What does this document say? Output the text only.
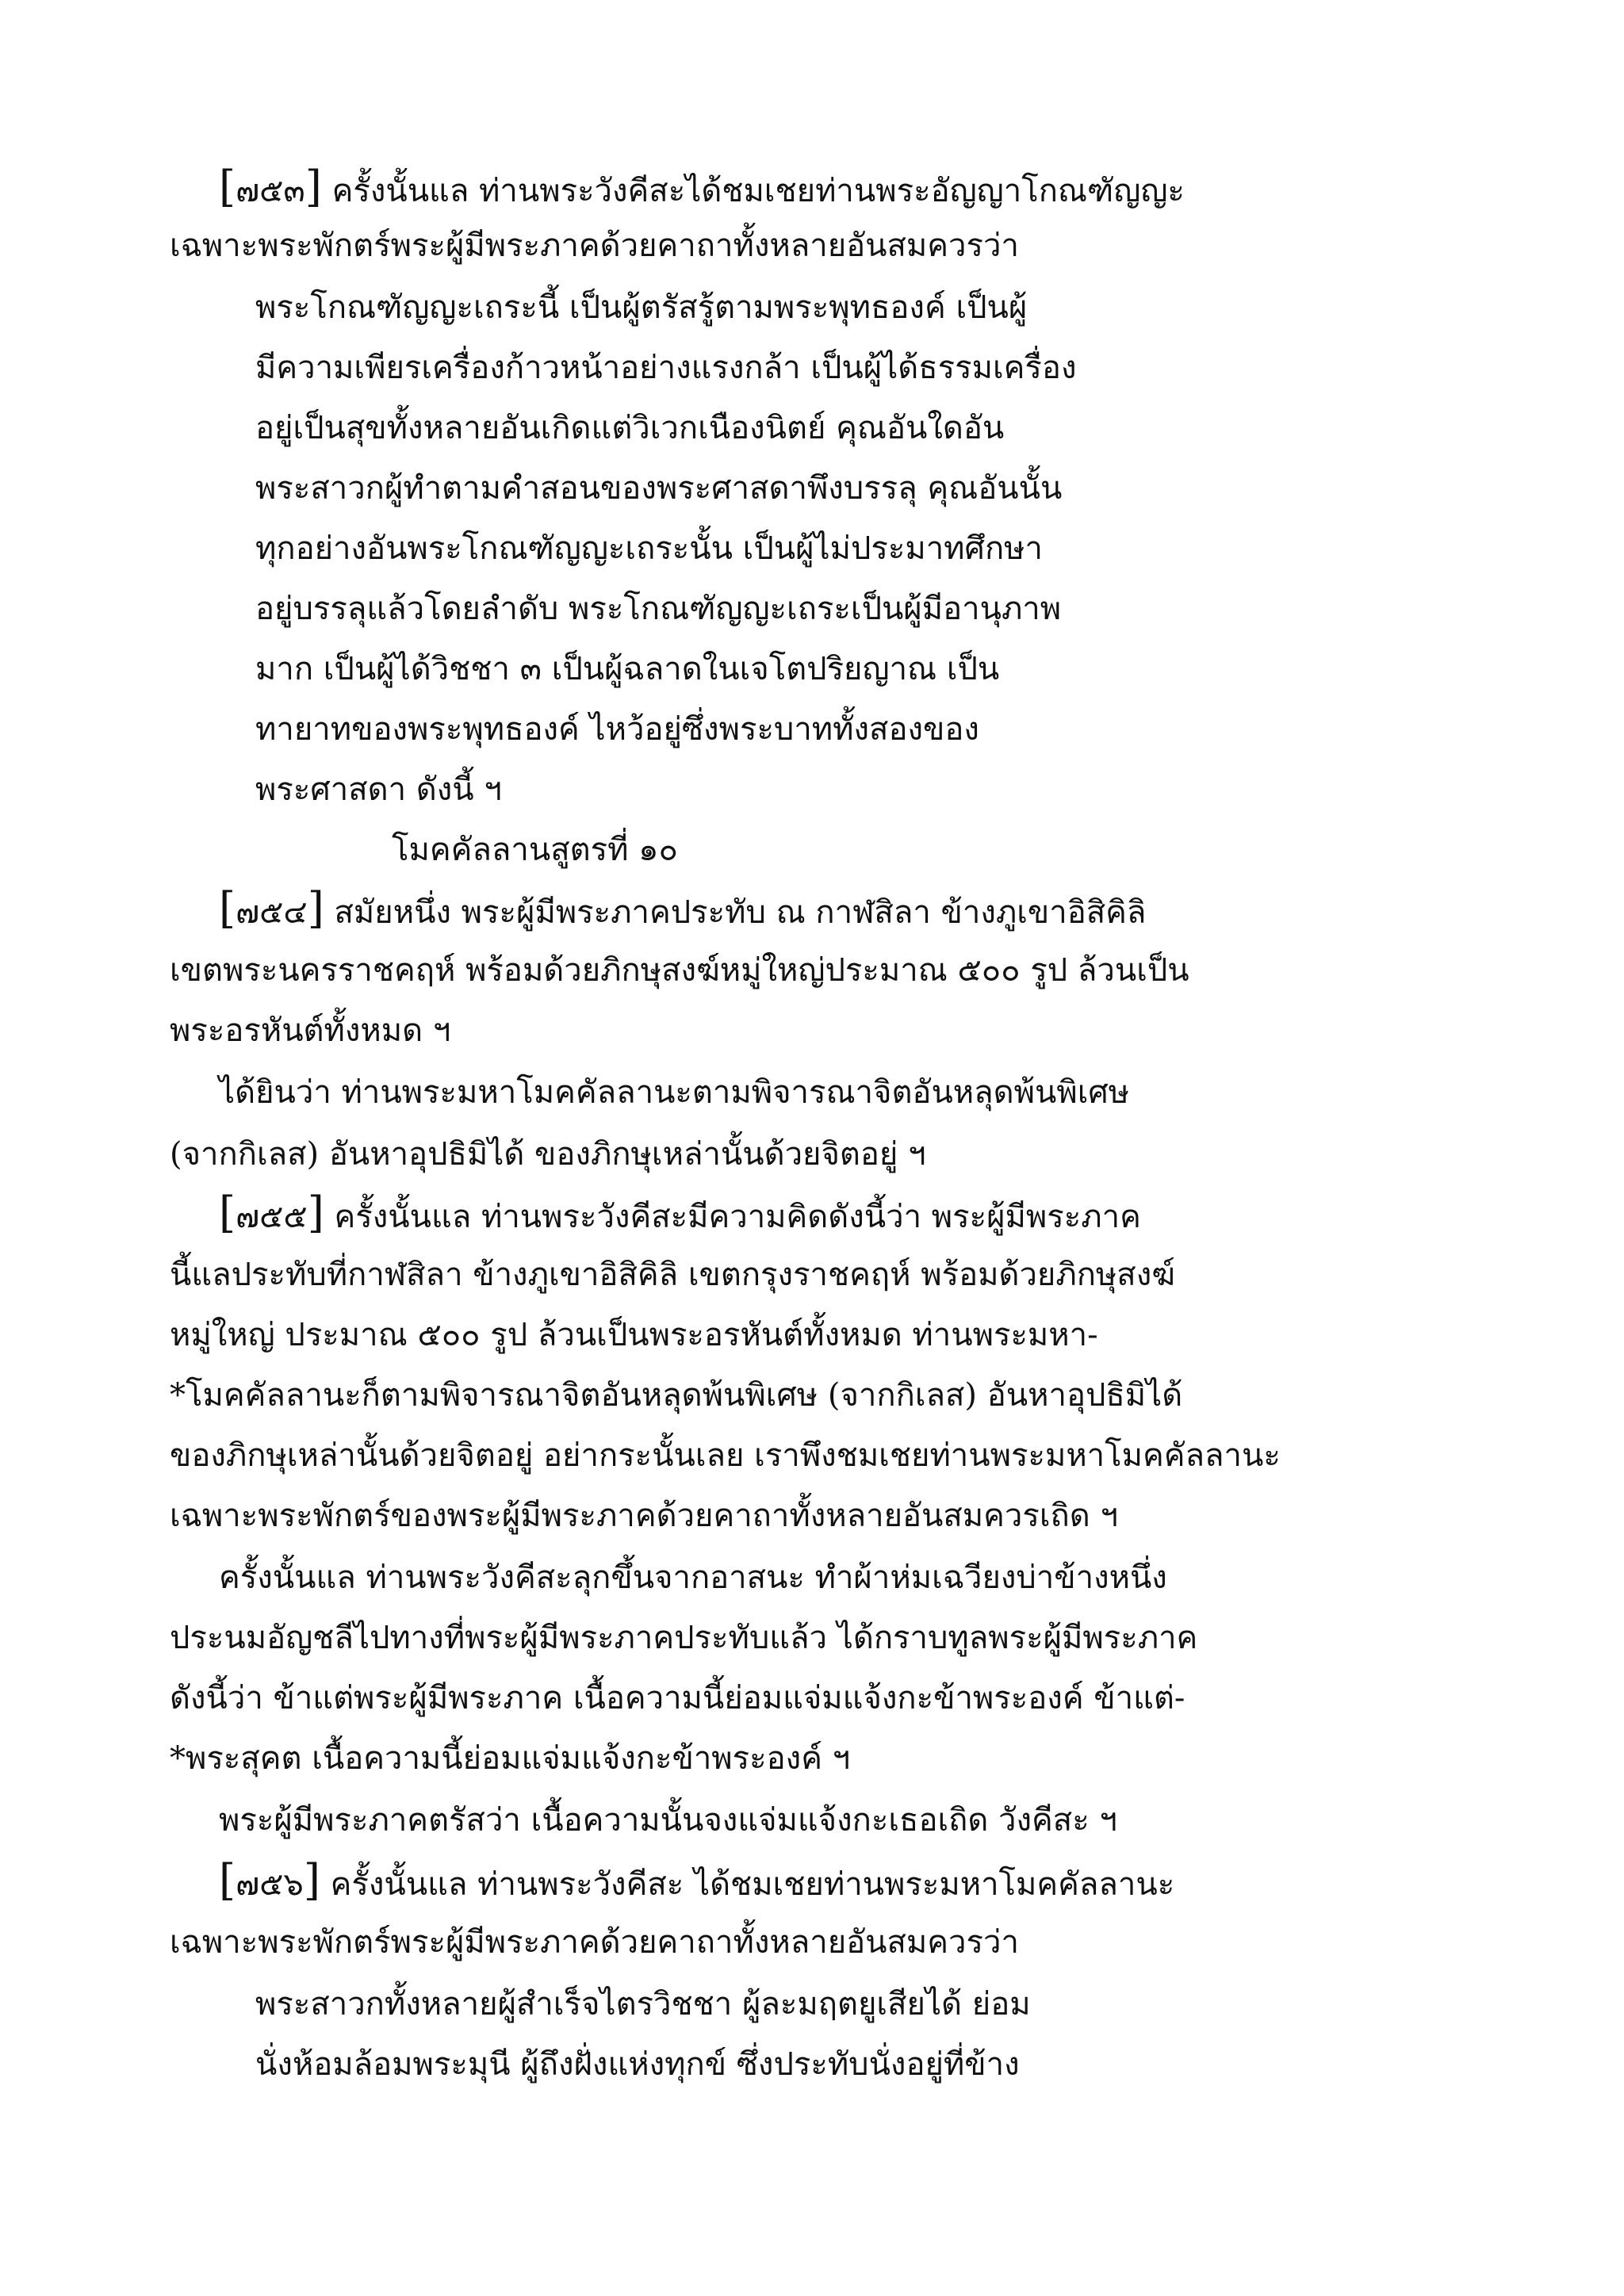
[๗๕๓] ครั้งนั้นแล ท่านพระวังคีสะได้ชมเชยท่านพระอัญญาโกณฑัญญะ
เฉพาะพระพักตร์พระผู้มีพระภาคด้วยคาถาทั้งหลายอันสมควรว่า
พระโกณฑัญญะเถระนี้ เป็นผู้ตรัสรู้ตามพระพุทธองค์ เป็นผู้
มีความเพียรเครื่องก้าวหน้าอย่างแรงกล้า เป็นผู้ได้ธรรมเครื่อง
อยู่เป็นสุขทั้งหลายอันเกิดแต่วิเวกเนืองนิตย์ คุณอันใดอัน
พระสาวกผู้ทำตามคำสอนของพระศาสดาพึงบรรลุ คุณอันนั้น
ทุกอย่างอันพระโกณฑัญญะเถระนั้น เป็นผู้ไม่ประมาทศึกษา
อยู่บรรลุแล้วโดยลำดับ พระโกณฑัญญะเถระเป็นผู้มีอานุภาพ
มาก เป็นผู้ได้วิชชา ๓ เป็นผู้ฉลาดในเจโตปริยญาณ เป็น
ทายาทของพระพุทธองค์ ไหว้อยู่ซึ่งพระบาททั้งสองของ
พระศาสดา ดังนี้ ฯ
โมคคัลลานสูตรที่ ๑๐
[๗๕๔] สมัยหนึ่ง พระผู้มีพระภาคประทับ ณ กาฬสิลา ข้างภูเขาอิสิคิลิ
เขตพระนครราชคฤห์ พร้อมด้วยภิกษุสงฆ์หมู่ใหญ่ประมาณ ๕๐๐ รูป ล้วนเป็น
พระอรหันต์ทั้งหมด ฯ
ได้ยินว่า ท่านพระมหาโมคคัลลานะตามพิจารณาจิตอันหลุดพ้นพิเศษ
(จากกิเลส) อันหาอุปธิมิได้ ของภิกษุเหล่านั้นด้วยจิตอยู่ ฯ
[๗๕๕] ครั้งนั้นแล ท่านพระวังคีสะมีความคิดดังนี้ว่า พระผู้มีพระภาค
นี้แลประทับที่กาฬสิลา ข้างภูเขาอิสิคิลิ เขตกรุงราชคฤห์ พร้อมด้วยภิกษุสงฆ์
หมู่ใหญ่ ประมาณ ๕๐๐ รูป ล้วนเป็นพระอรหันต์ทั้งหมด ท่านพระมหา-
*โมคคัลลานะก็ตามพิจารณาจิตอันหลุดพ้นพิเศษ (จากกิเลส) อันหาอุปธิมิได้
ของภิกษุเหล่านั้นด้วยจิตอยู่ อย่ากระนั้นเลย เราพึงชมเชยท่านพระมหาโมคคัลลานะ
เฉพาะพระพักตร์ของพระผู้มีพระภาคด้วยคาถาทั้งหลายอันสมควรเถิด ฯ
ครั้งนั้นแล ท่านพระวังคีสะลุกขึ้นจากอาสนะ ทำผ้าห่มเฉวียงบ่าข้างหนึ่ง
ประนมอัญชลีไปทางที่พระผู้มีพระภาคประทับแล้ว ได้กราบทูลพระผู้มีพระภาค
ดังนี้ว่า ข้าแต่พระผู้มีพระภาค เนื้อความนี้ย่อมแจ่มแจ้งกะข้าพระองค์ ข้าแต่-
*พระสุคต เนื้อความนี้ย่อมแจ่มแจ้งกะข้าพระองค์ ฯ
พระผู้มีพระภาคตรัสว่า เนื้อความนั้นจงแจ่มแจ้งกะเธอเถิด วังคีสะ ฯ
[๗๕๖] ครั้งนั้นแล ท่านพระวังคีสะ ได้ชมเชยท่านพระมหาโมคคัลลานะ
เฉพาะพระพักตร์พระผู้มีพระภาคด้วยคาถาทั้งหลายอันสมควรว่า
พระสาวกทั้งหลายผู้สำเร็จไตรวิชชา ผู้ละมฤตยูเสียได้ ย่อม
นั่งห้อมล้อมพระมุนี ผู้ถึงฝั่งแห่งทุกข์ ซึ่งประทับนั่งอยู่ที่ข้าง
